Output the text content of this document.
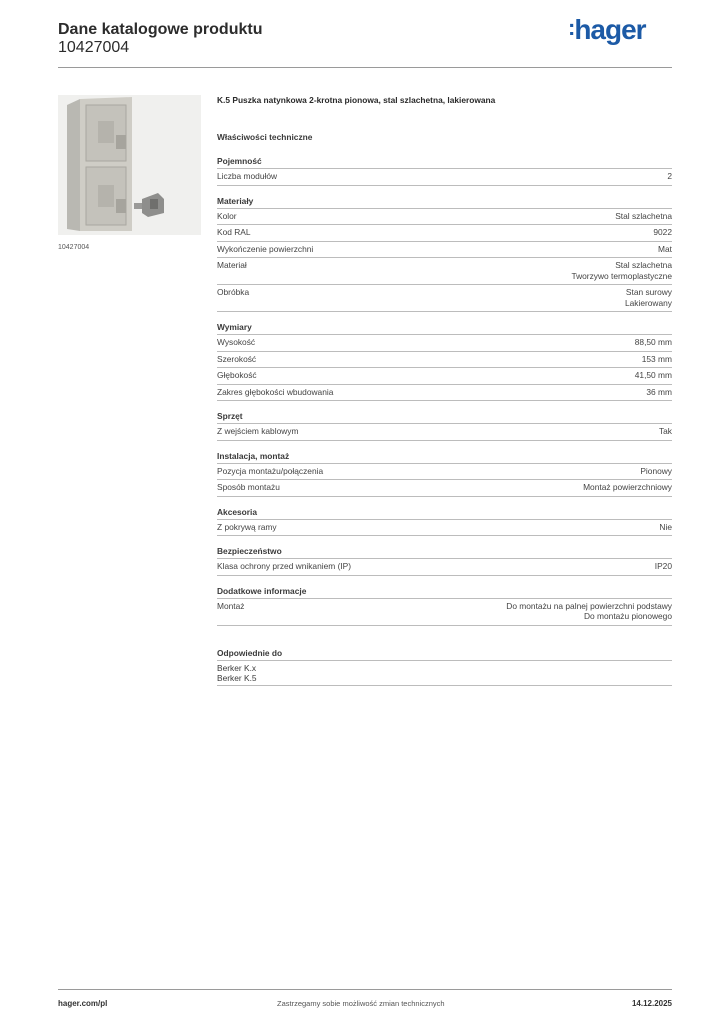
Dane katalogowe produktu
10427004
:hager
10427004
K.5 Puszka natynkowa 2-krotna pionowa, stal szlachetna, lakierowana
Właściwości techniczne
Pojemność
Liczba modułów	2
Materiały
Kolor	Stal szlachetna
Kod RAL	9022
Wykończenie powierzchni	Mat
Materiał	Stal szlachetna
Tworzywo termoplastyczne
Obróbka	Stan surowy
Lakierowany
Wymiary
Wysokość	88,50 mm
Szerokość	153 mm
Głębokość	41,50 mm
Zakres głębokości wbudowania	36 mm
Sprzęt
Z wejściem kablowym	Tak
Instalacja, montaż
Pozycja montażu/połączenia	Pionowy
Sposób montażu	Montaż powierzchniowy
Akcesoria
Z pokrywą ramy	Nie
Bezpieczeństwo
Klasa ochrony przed wnikaniem (IP)	IP20
Dodatkowe informacje
Montaż	Do montażu na palnej powierzchni podstawy
Do montażu pionowego
Odpowiednie do
Berker K.x
Berker K.5
hager.com/pl	Zastrzegamy sobie możliwość zmian technicznych	14.12.2025
